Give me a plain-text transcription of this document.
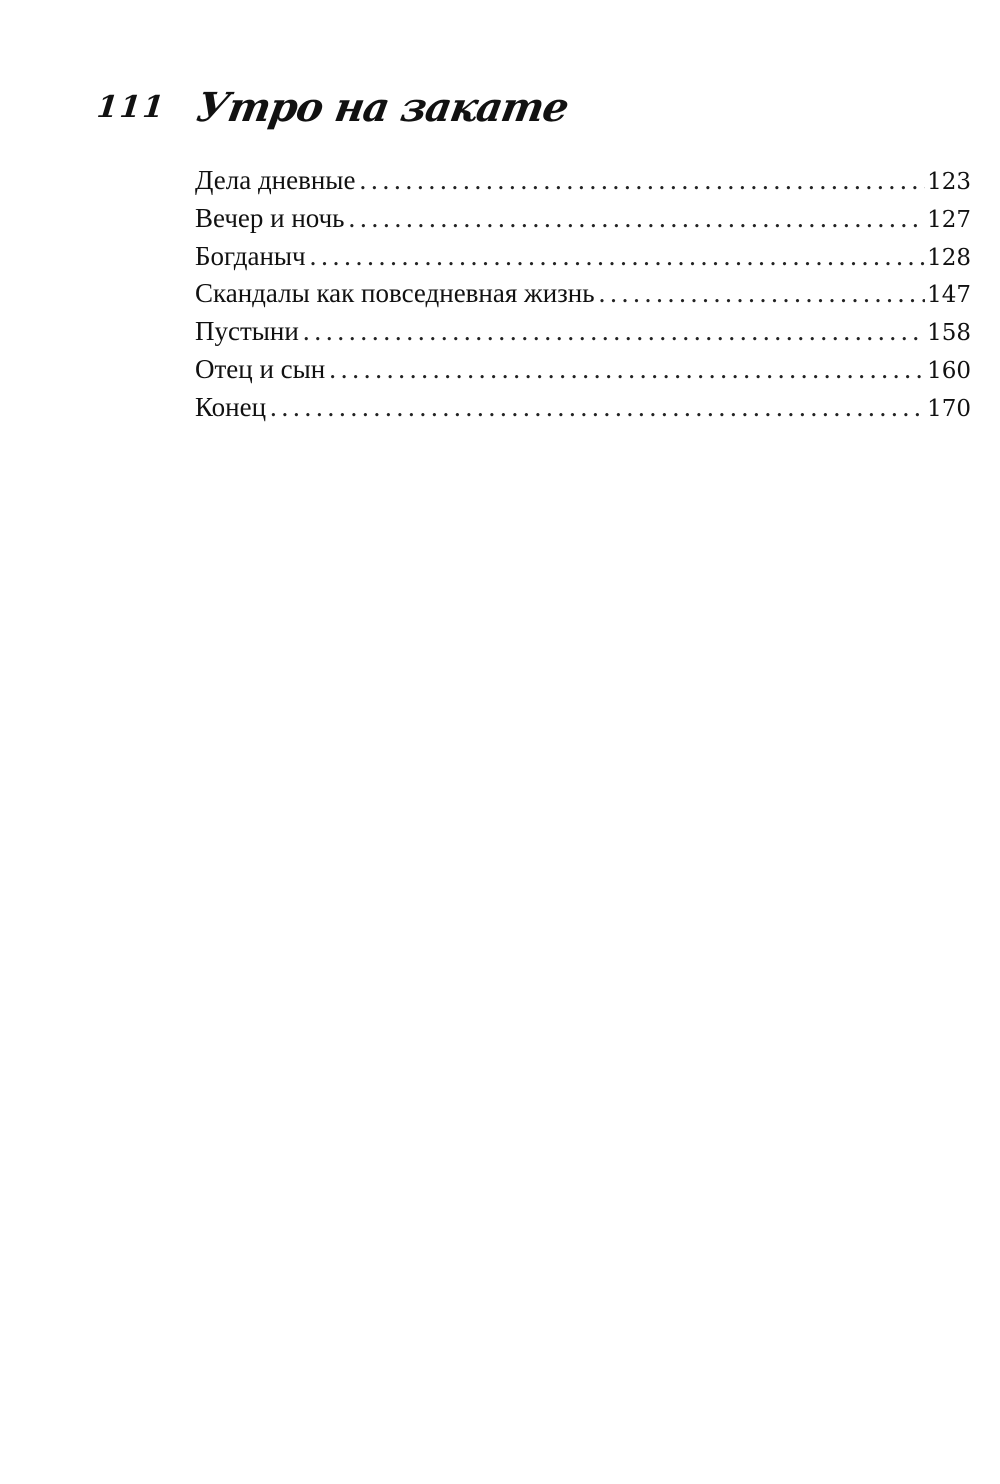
111 Утро на закате
Дела дневные . . .	123
Вечер и ночь . . .	127
Богданыч . . .	128
Скандалы как повседневная жизнь . . .	147
Пустыни . . .	158
Отец и сын . . .	160
Конец . . .	170
